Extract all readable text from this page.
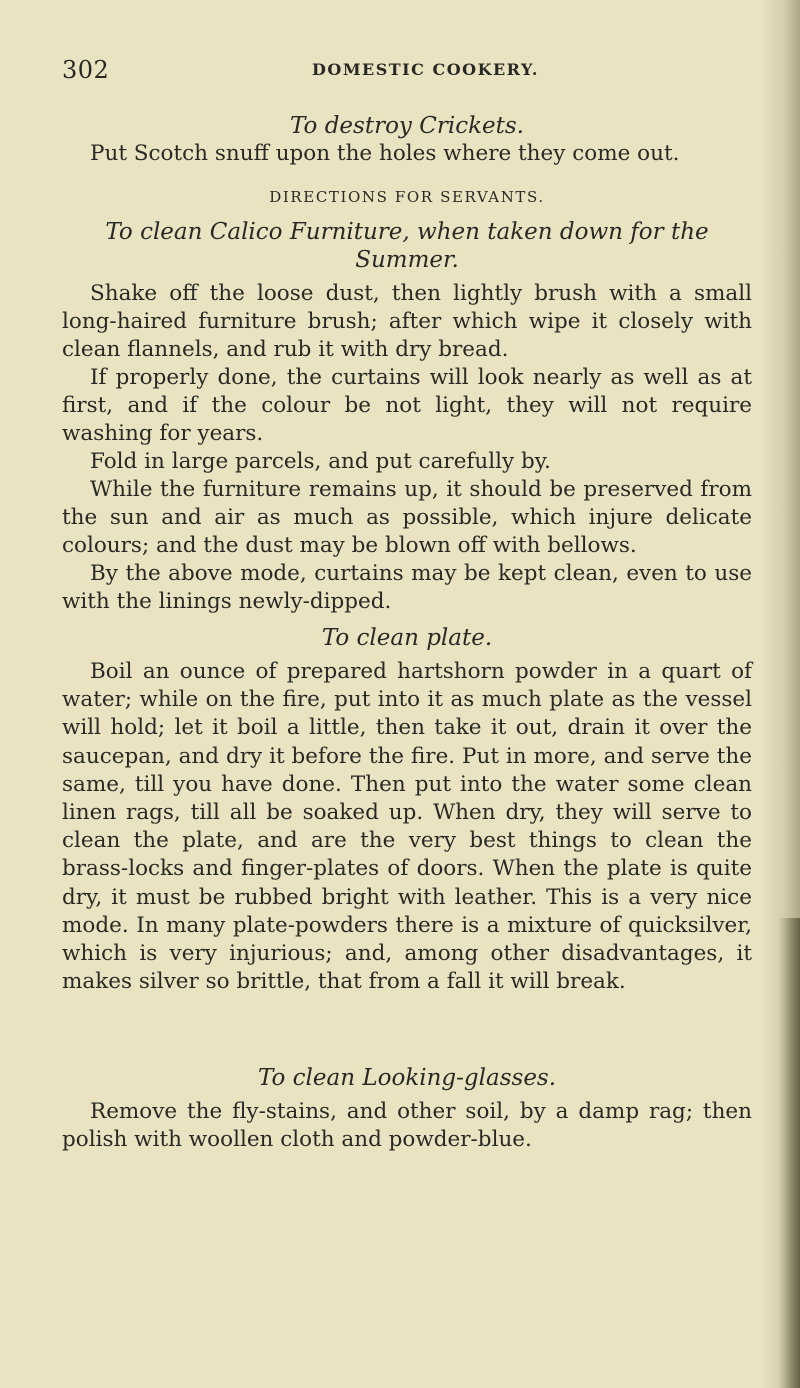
302	DOMESTIC COOKERY.
To destroy Crickets.

Put Scotch snuff upon the holes where they come out.

DIRECTIONS FOR SERVANTS.
To clean Calico Furniture, when taken down for the
Summer.

Shake off the loose dust, then lightly brush with a small long-haired furniture brush; after which wipe it closely with clean flannels, and rub it with dry bread.

If properly done, the curtains will look nearly as well as at first, and if the colour be not light, they will not require washing for years.

Fold in large parcels, and put carefully by.

While the furniture remains up, it should be preserved from the sun and air as much as possible, which injure delicate colours; and the dust may be blown off with bellows.

By the above mode, curtains may be kept clean, even to use with the linings newly-dipped.

To clean plate.

Boil an ounce of prepared hartshorn powder in a quart of water; while on the fire, put into it as much plate as the vessel will hold; let it boil a little, then take it out, drain it over the saucepan, and dry it before the fire. Put in more, and serve the same, till you have done. Then put into the water some clean linen rags, till all be soaked up. When dry, they will serve to clean the plate, and are the very best things to clean the brass-locks and finger-plates of doors. When the plate is quite dry, it must be rubbed bright with leather. This is a very nice mode. In many plate-powders there is a mixture of quicksilver, which is very injurious; and, among other disadvantages, it makes silver so brittle, that from a fall it will break.

To clean Looking-glasses.

Remove the fly-stains, and other soil, by a damp rag; then polish with woollen cloth and powder-blue.
